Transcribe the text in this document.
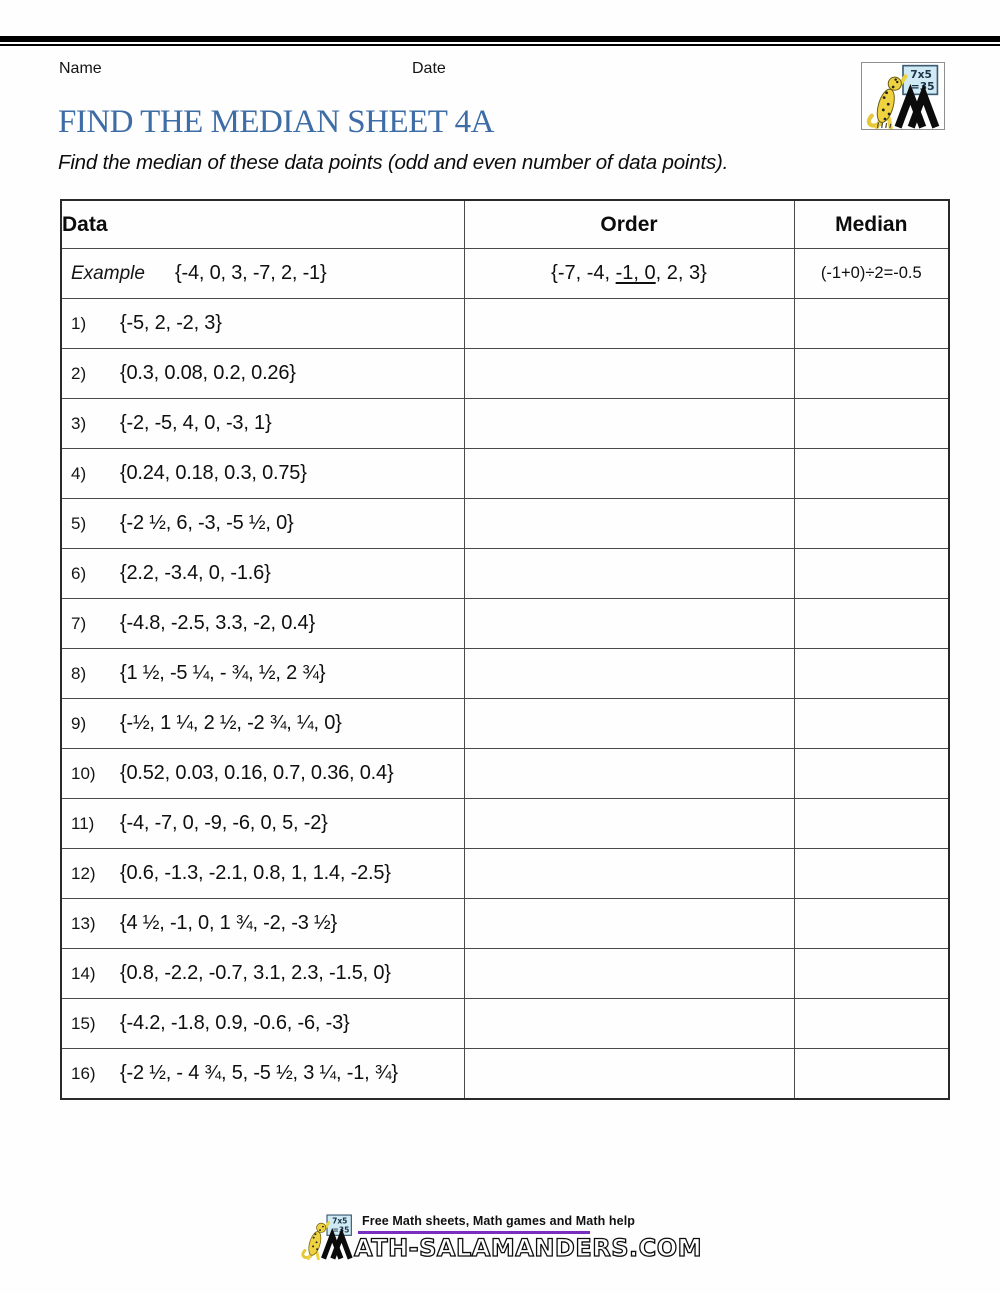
Name	Date	7x5
=35
FIND THE MEDIAN SHEET 4A
Find the median of these data points (odd and even number of data points).
Data	Order	Median

Example {-4, 0, 3, -7, 2, -1}	{-7, -4, -1, 0, 2, 3}	(-1+0)÷2=-0.5

1) {-5, 2, -2, 3}		

2) {0.3, 0.08, 0.2, 0.26}		

3) {-2, -5, 4, 0, -3, 1}		

4) {0.24, 0.18, 0.3, 0.75}		

5) {-2 ½, 6, -3, -5 ½, 0}		

6) {2.2, -3.4, 0, -1.6}		

7) {-4.8, -2.5, 3.3, -2, 0.4}		

8) {1 ½, -5 ¼, - ¾, ½, 2 ¾}		

9) {-½, 1 ¼, 2 ½, -2 ¾, ¼, 0}		

10) {0.52, 0.03, 0.16, 0.7, 0.36, 0.4}		

11) {-4, -7, 0, -9, -6, 0, 5, -2}		

12) {0.6, -1.3, -2.1, 0.8, 1, 1.4, -2.5}		

13) {4 ½, -1, 0, 1 ¾, -2, -3 ½}		

14) {0.8, -2.2, -0.7, 3.1, 2.3, -1.5, 0}		

15) {-4.2, -1.8, 0.9, -0.6, -6, -3}		

16) {-2 ½, - 4 ¾, 5, -5 ½, 3 ¼, -1, ¾}		

7x5
=35
Free Math sheets, Math games and Math help
ATH-SALAMANDERS.COM
